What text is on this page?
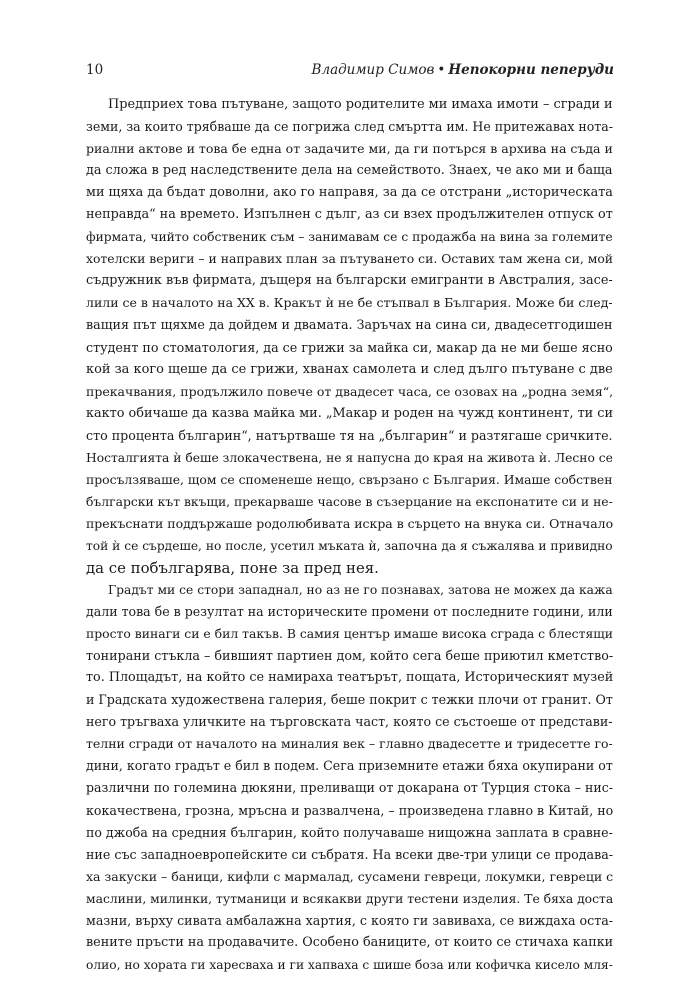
10	Владимир Симов • Непокорни пеперуди
Предприех това пътуване, защото родителите ми имаха имоти – сгради и
земи, за които трябваше да се погрижа след смъртта им. Не притежавах нота-
риални актове и това бе една от задачите ми, да ги потърся в архива на съда и
да сложа в ред наследствените дела на семейството. Знаех, че ако ми и баща
ми щяха да бъдат доволни, ако го направя, за да се отстрани „историческата
неправда“ на времето. Изпълнен с дълг, аз си взех продължителен отпуск от
фирмата, чийто собственик съм – занимавам се с продажба на вина за големите
хотелски вериги – и направих план за пътуването си. Оставих там жена си, мой
съдружник във фирмата, дъщеря на български емигранти в Австралия, засе-
лили се в началото на ХХ в. Кракът ѝ не бе стъпвал в България. Може би след-
ващия път щяхме да дойдем и двамата. Заръчах на сина си, двадесетгодишен
студент по стоматология, да се грижи за майка си, макар да не ми беше ясно
кой за кого щеше да се грижи, хванах самолета и след дълго пътуване с две
прекачвания, продължило повече от двадесет часа, се озовах на „родна земя“,
както обичаше да казва майка ми. „Макар и роден на чужд континент, ти си
сто процента българин“, натъртваше тя на „българин“ и разтягаше сричките.
Носталгията ѝ беше злокачествена, не я напусна до края на живота ѝ. Лесно се
просълзяваше, щом се споменеше нещо, свързано с България. Имаше собствен
български кът вкъщи, прекарваше часове в съзерцание на експонатите си и не-
прекъснати поддържаше родолюбивата искра в сърцето на внука си. Отначало
той ѝ се сърдеше, но после, усетил мъката ѝ, започна да я съжалява и привидно
да се побългарява, поне за пред нея.
Градът ми се стори западнал, но аз не го познавах, затова не можех да кажа
дали това бе в резултат на историческите промени от последните години, или
просто винаги си е бил такъв. В самия център имаше висока сграда с блестящи
тонирани стъкла – бившият партиен дом, който сега беше приютил кметство-
то. Площадът, на който се намираха театърът, пощата, Историческият музей
и Градската художествена галерия, беше покрит с тежки плочи от гранит. От
него тръгваха уличките на търговската част, която се състоеше от представи-
телни сгради от началото на миналия век – главно двадесетте и тридесетте го-
дини, когато градът е бил в подем. Сега приземните етажи бяха окупирани от
различни по големина дюкяни, преливащи от докарана от Турция стока – нис-
кокачествена, грозна, мръсна и развалчена, – произведена главно в Китай, но
по джоба на средния българин, който получаваше нищожна заплата в сравне-
ние със западноевропейските си събратя. На всеки две-три улици се продава-
ха закуски – баници, кифли с мармалад, сусамени гевреци, локумки, гевреци с
маслини, милинки, тутманици и всякакви други тестени изделия. Те бяха доста
мазни, върху сивата амбалажна хартия, с която ги завиваха, се виждаха оста-
вените пръсти на продавачите. Особено баниците, от които се стичаха капки
олио, но хората ги харесваха и ги хапваха с шише боза или кофичка кисело мля-
